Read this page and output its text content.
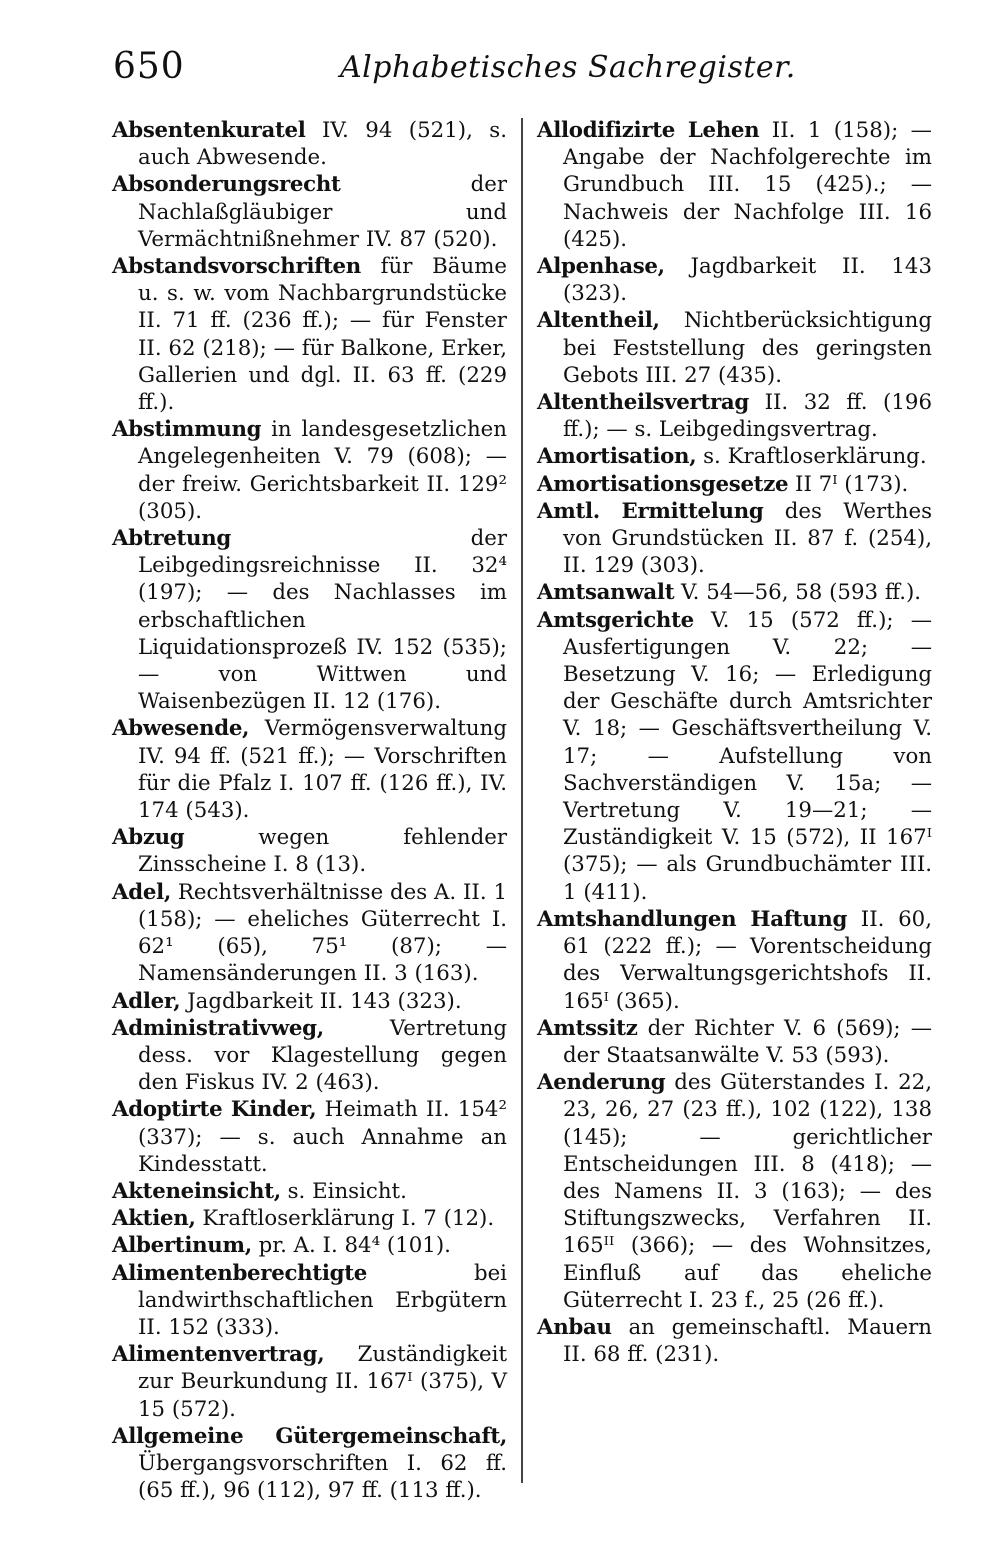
650	Alphabetisches Sachregister.
Absentenkuratel IV. 94 (521), s. auch Abwesende.
Absonderungsrecht der Nachlaßgläubiger und Vermächtnißnehmer IV. 87 (520).
Abstandsvorschriften für Bäume u. s. w. vom Nachbargrundstücke II. 71 ff. (236 ff.); — für Fenster II. 62 (218); — für Balkone, Erker, Gallerien und dgl. II. 63 ff. (229 ff.).
Abstimmung in landesgesetzlichen Angelegenheiten V. 79 (608); — der freiw. Gerichtsbarkeit II. 129² (305).
Abtretung der Leibgedingsreichnisse II. 32⁴ (197); — des Nachlasses im erbschaftlichen Liquidationsprozeß IV. 152 (535); — von Wittwen und Waisenbezügen II. 12 (176).
Abwesende, Vermögensverwaltung IV. 94 ff. (521 ff.); — Vorschriften für die Pfalz I. 107 ff. (126 ff.), IV. 174 (543).
Abzug wegen fehlender Zinsscheine I. 8 (13).
Adel, Rechtsverhältnisse des A. II. 1 (158); — eheliches Güterrecht I. 62¹ (65), 75¹ (87); — Namensänderungen II. 3 (163).
Adler, Jagdbarkeit II. 143 (323).
Administrativweg, Vertretung dess. vor Klagestellung gegen den Fiskus IV. 2 (463).
Adoptirte Kinder, Heimath II. 154² (337); — s. auch Annahme an Kindesstatt.
Akteneinsicht, s. Einsicht.
Aktien, Kraftloserklärung I. 7 (12).
Albertinum, pr. A. I. 84⁴ (101).
Alimentenberechtigte bei landwirthschaftlichen Erbgütern II. 152 (333).
Alimentenvertrag, Zuständigkeit zur Beurkundung II. 167ᴵ (375), V 15 (572).
Allgemeine Gütergemeinschaft, Übergangsvorschriften I. 62 ff. (65 ff.), 96 (112), 97 ff. (113 ff.).
Allodifizirte Lehen II. 1 (158); — Angabe der Nachfolgerechte im Grundbuch III. 15 (425).; — Nachweis der Nachfolge III. 16 (425).
Alpenhase, Jagdbarkeit II. 143 (323).
Altentheil, Nichtberücksichtigung bei Feststellung des geringsten Gebots III. 27 (435).
Altentheilsvertrag II. 32 ff. (196 ff.); — s. Leibgedingsvertrag.
Amortisation, s. Kraftloserklärung.
Amortisationsgesetze II 7ᴵ (173).
Amtl. Ermittelung des Werthes von Grundstücken II. 87 f. (254), II. 129 (303).
Amtsanwalt V. 54—56, 58 (593 ff.).
Amtsgerichte V. 15 (572 ff.); — Ausfertigungen V. 22; — Besetzung V. 16; — Erledigung der Geschäfte durch Amtsrichter V. 18; — Geschäftsvertheilung V. 17; — Aufstellung von Sachverständigen V. 15a; — Vertretung V. 19—21; — Zuständigkeit V. 15 (572), II 167ᴵ (375); — als Grundbuchämter III. 1 (411).
Amtshandlungen Haftung II. 60, 61 (222 ff.); — Vorentscheidung des Verwaltungsgerichtshofs II. 165ᴵ (365).
Amtssitz der Richter V. 6 (569); — der Staatsanwälte V. 53 (593).
Aenderung des Güterstandes I. 22, 23, 26, 27 (23 ff.), 102 (122), 138 (145); — gerichtlicher Entscheidungen III. 8 (418); — des Namens II. 3 (163); — des Stiftungszwecks, Verfahren II. 165ᴵᴵ (366); — des Wohnsitzes, Einfluß auf das eheliche Güterrecht I. 23 f., 25 (26 ff.).
Anbau an gemeinschaftl. Mauern II. 68 ff. (231).
